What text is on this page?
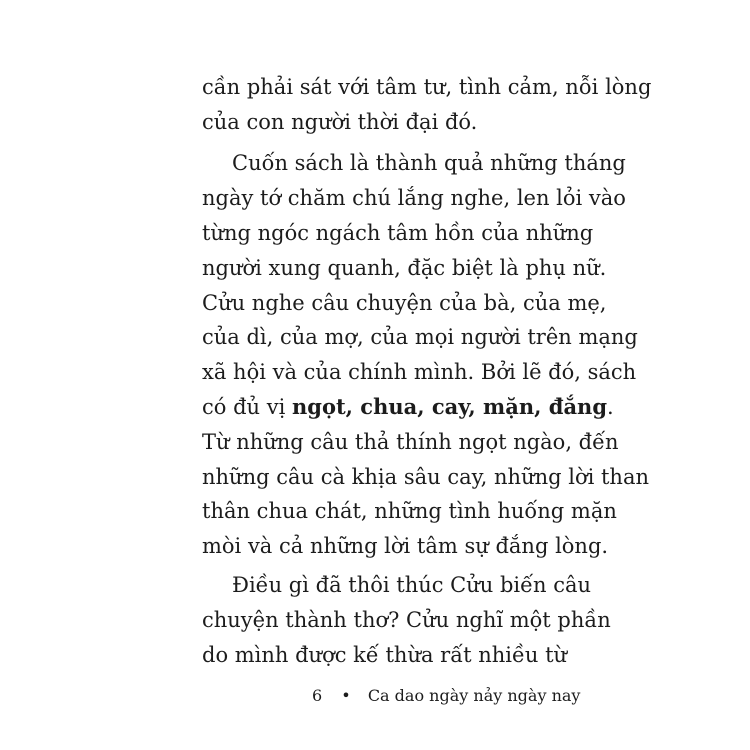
cần phải sát với tâm tư, tình cảm, nỗi lòng
của con người thời đại đó.
Cuốn sách là thành quả những tháng
ngày tớ chăm chú lắng nghe, len lỏi vào
từng ngóc ngách tâm hồn của những
người xung quanh, đặc biệt là phụ nữ.
Cửu nghe câu chuyện của bà, của mẹ,
của dì, của mợ, của mọi người trên mạng
xã hội và của chính mình. Bởi lẽ đó, sách
có đủ vị ngọt, chua, cay, mặn, đắng.
Từ những câu thả thính ngọt ngào, đến
những câu cà khịa sâu cay, những lời than
thân chua chát, những tình huống mặn
mòi và cả những lời tâm sự đắng lòng.
Điều gì đã thôi thúc Cửu biến câu
chuyện thành thơ? Cửu nghĩ một phần
do mình được kế thừa rất nhiều từ
6 • Ca dao ngày nảy ngày nay
